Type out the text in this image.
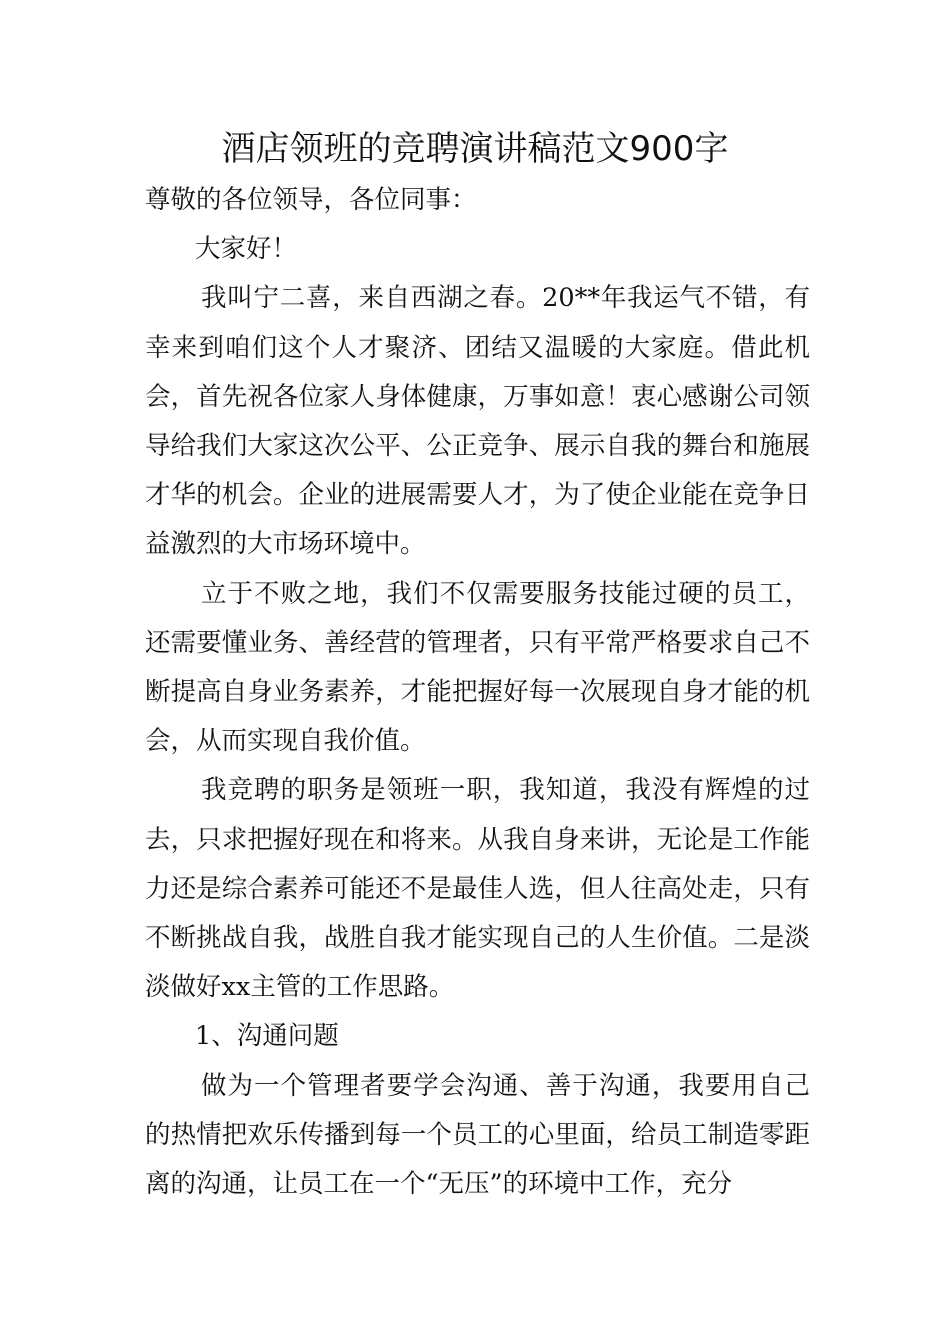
酒店领班的竞聘演讲稿范文900字

尊敬的各位领导，各位同事：

大家好！

我叫宁二喜，来自西湖之春。20**年我运气不错，有幸来到咱们这个人才聚济、团结又温暖的大家庭。借此机会，首先祝各位家人身体健康，万事如意！衷心感谢公司领导给我们大家这次公平、公正竞争、展示自我的舞台和施展才华的机会。企业的进展需要人才，为了使企业能在竞争日益激烈的大市场环境中。

立于不败之地，我们不仅需要服务技能过硬的员工，还需要懂业务、善经营的管理者，只有平常严格要求自己不断提高自身业务素养，才能把握好每一次展现自身才能的机会，从而实现自我价值。

我竞聘的职务是领班一职，我知道，我没有辉煌的过去，只求把握好现在和将来。从我自身来讲，无论是工作能力还是综合素养可能还不是最佳人选，但人往高处走，只有不断挑战自我，战胜自我才能实现自己的人生价值。二是淡淡做好xx主管的工作思路。

1、沟通问题

做为一个管理者要学会沟通、善于沟通，我要用自己的热情把欢乐传播到每一个员工的心里面，给员工制造零距离的沟通，让员工在一个“无压”的环境中工作，充分
